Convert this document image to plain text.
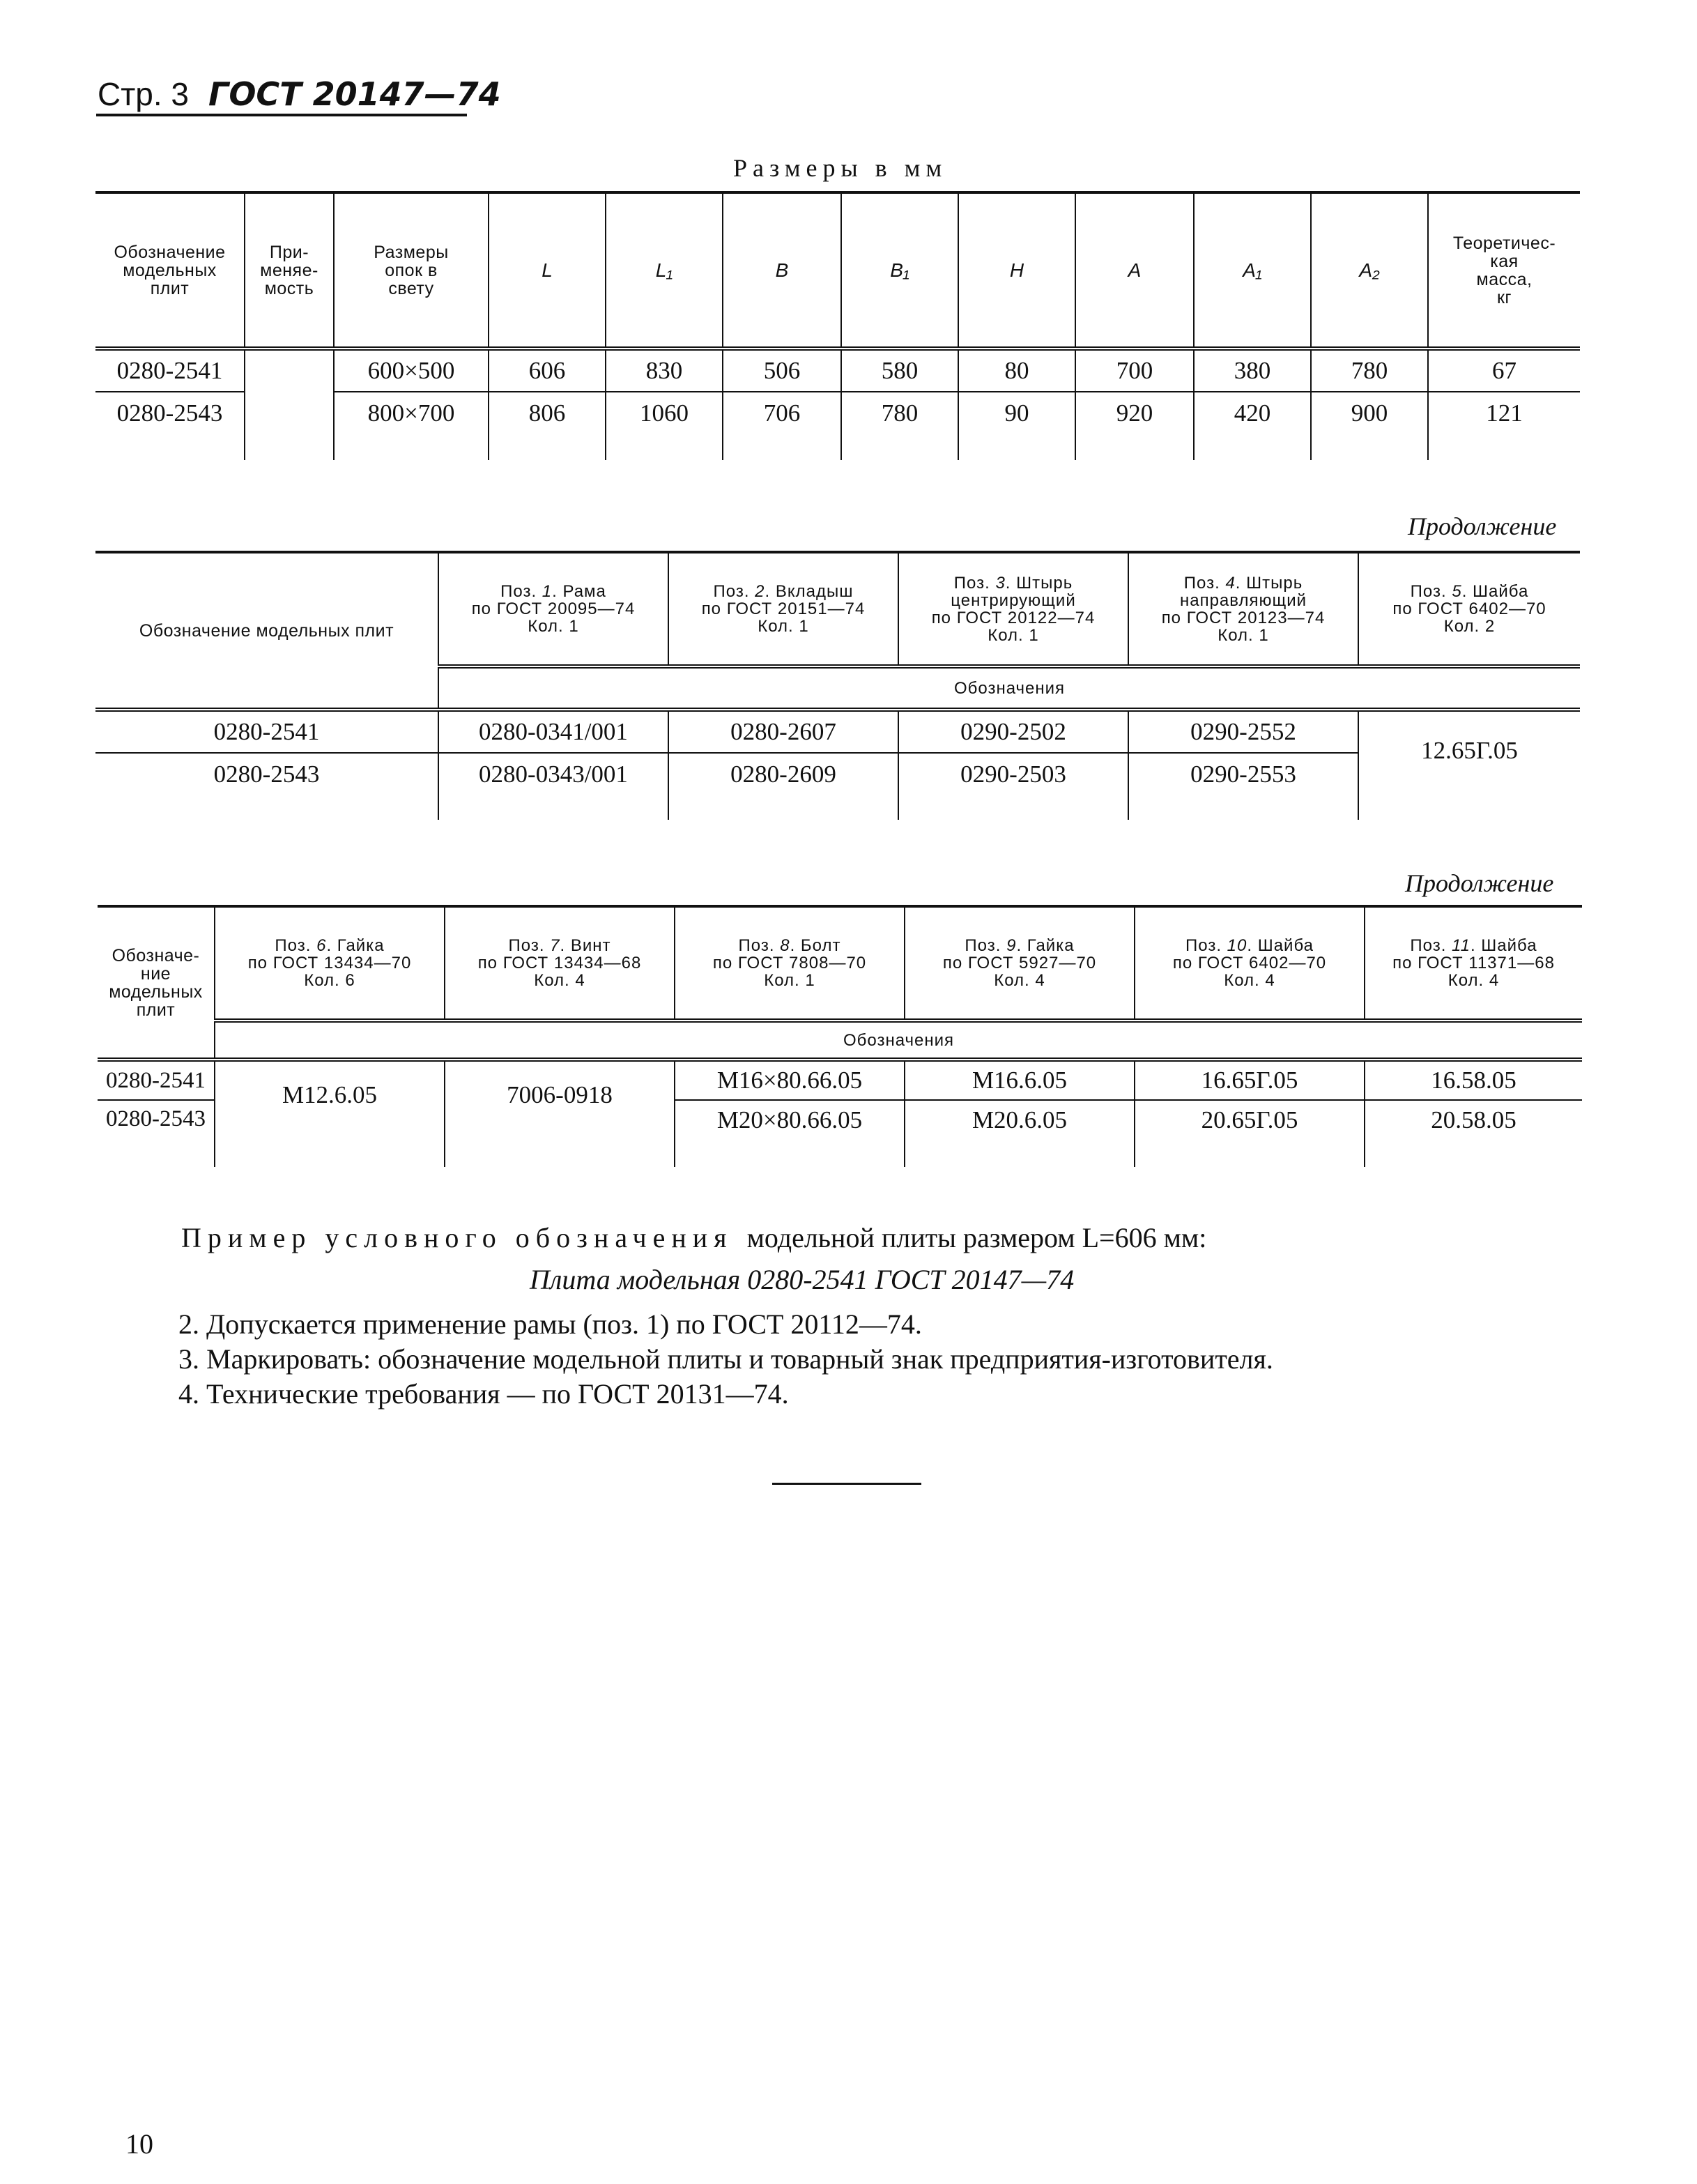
Стр. 3 ГОСТ 20147—74
Размеры в мм
Обозначение модельных плит	При-
меняе-
мость	Размеры опок в свету	L	L₁	B	B₁	H	A	A₁	A₂	Теоретичес-
кая
масса,
кг
0280-2541		600×500	606	830	506	580	80	700	380	780	67
0280-2543		800×700	806	1060	706	780	90	920	420	900	121
Продолжение
Обозначение модельных плит	Поз. 1. Рама
по ГОСТ 20095—74
Кол. 1	Поз. 2. Вкладыш
по ГОСТ 20151—74
Кол. 1	Поз. 3. Штырь
центрирующий
по ГОСТ 20122—74
Кол. 1	Поз. 4. Штырь
направляющий
по ГОСТ 20123—74
Кол. 1	Поз. 5. Шайба
по ГОСТ 6402—70
Кол. 2
	Обозначения				
0280-2541	0280-0341/001	0280-2607	0290-2502	0290-2552	12.65Г.05
0280-2543	0280-0343/001	0280-2609	0290-2503	0290-2553	
Продолжение
Обозначе-
ние
модельных
плит	Поз. 6. Гайка
по ГОСТ 13434—70
Кол. 6	Поз. 7. Винт
по ГОСТ 13434—68
Кол. 4	Поз. 8. Болт
по ГОСТ 7808—70
Кол. 1	Поз. 9. Гайка
по ГОСТ 5927—70
Кол. 4	Поз. 10. Шайба
по ГОСТ 6402—70
Кол. 4	Поз. 11. Шайба
по ГОСТ 11371—68
Кол. 4
	Обозначения					
0280-2541	М12.6.05	7006-0918	М16×80.66.05	М16.6.05	16.65Г.05	16.58.05
0280-2543			М20×80.66.05	М20.6.05	20.65Г.05	20.58.05
Пример условного обозначения модельной плиты размером L=606 мм:
Плита модельная 0280-2541 ГОСТ 20147—74
2. Допускается применение рамы (поз. 1) по ГОСТ 20112—74.
3. Маркировать: обозначение модельной плиты и товарный знак предприятия-изготовителя.
4. Технические требования — по ГОСТ 20131—74.
10
